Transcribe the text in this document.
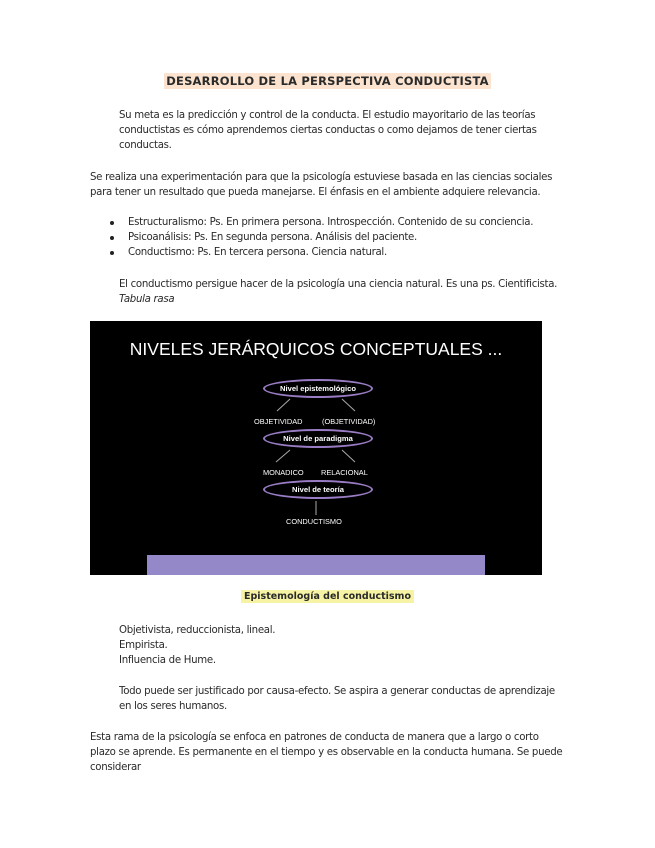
DESARROLLO DE LA PERSPECTIVA CONDUCTISTA
Su meta es la predicción y control de la conducta. El estudio mayoritario de las teorías conductistas es cómo aprendemos ciertas conductas o como dejamos de tener ciertas conductas.
Se realiza una experimentación para que la psicología estuviese basada en las ciencias sociales para tener un resultado que pueda manejarse. El énfasis en el ambiente adquiere relevancia.
Estructuralismo: Ps. En primera persona. Introspección. Contenido de su conciencia.
Psicoanálisis: Ps. En segunda persona. Análisis del paciente.
Conductismo: Ps. En tercera persona. Ciencia natural.
El conductismo persigue hacer de la psicología una ciencia natural. Es una ps. Cientificista. Tabula rasa
NIVELES JERÁRQUICOS CONCEPTUALES ...
Nivel epistemológico
OBJETIVIDAD	(OBJETIVIDAD)
Nivel de paradigma
MONADICO RELACIONAL
Nivel de teoría
CONDUCTISMO
Epistemología del conductismo
Objetivista, reduccionista, lineal.
Empirista.
Influencia de Hume.
Todo puede ser justificado por causa-efecto. Se aspira a generar conductas de aprendizaje en los seres humanos.
Esta rama de la psicología se enfoca en patrones de conducta de manera que a largo o corto plazo se aprende. Es permanente en el tiempo y es observable en la conducta humana. Se puede considerar
